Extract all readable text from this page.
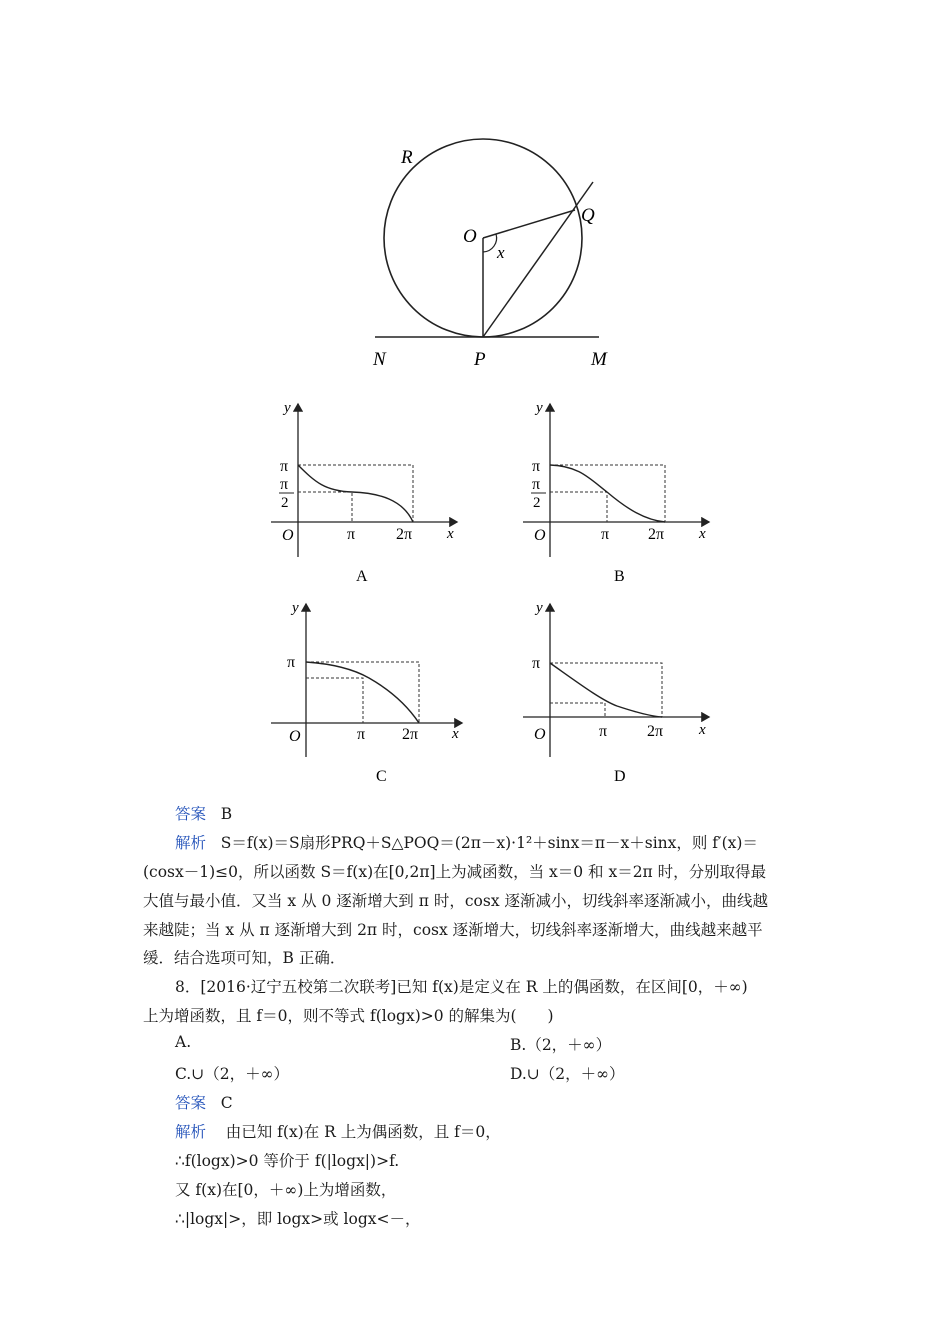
R
O
x
Q
N	P	M
y
x
O
π
π
2
π	2π
A
y
x
O
π
π
2
π 2π
B
y
x
O
π
π 2π
C
y
x
O
π
π 2π
D
答案 B
解析 S＝f(x)＝S扇形PRQ＋S△POQ＝(2π－x)·1²＋sinx＝π－x＋sinx，则 f′(x)＝
(cosx－1)≤0，所以函数 S＝f(x)在[0,2π]上为减函数，当 x＝0 和 x＝2π 时，分别取得最
大值与最小值．又当 x 从 0 逐渐增大到 π 时，cosx 逐渐减小，切线斜率逐渐减小，曲线越
来越陡；当 x 从 π 逐渐增大到 2π 时，cosx 逐渐增大，切线斜率逐渐增大，曲线越来越平
缓．结合选项可知，B 正确．
8．[2016·辽宁五校第二次联考]已知 f(x)是定义在 R 上的偶函数，在区间[0，＋∞)
上为增函数，且 f＝0，则不等式 f(logx)>0 的解集为(　　)
A.	B.（2，＋∞）
C.∪（2，＋∞）	D.∪（2，＋∞）
答案 C
解析 由已知 f(x)在 R 上为偶函数，且 f＝0，
∴f(logx)>0 等价于 f(|logx|)>f.
又 f(x)在[0，＋∞)上为增函数，
∴|logx|>，即 logx>或 logx<－，
